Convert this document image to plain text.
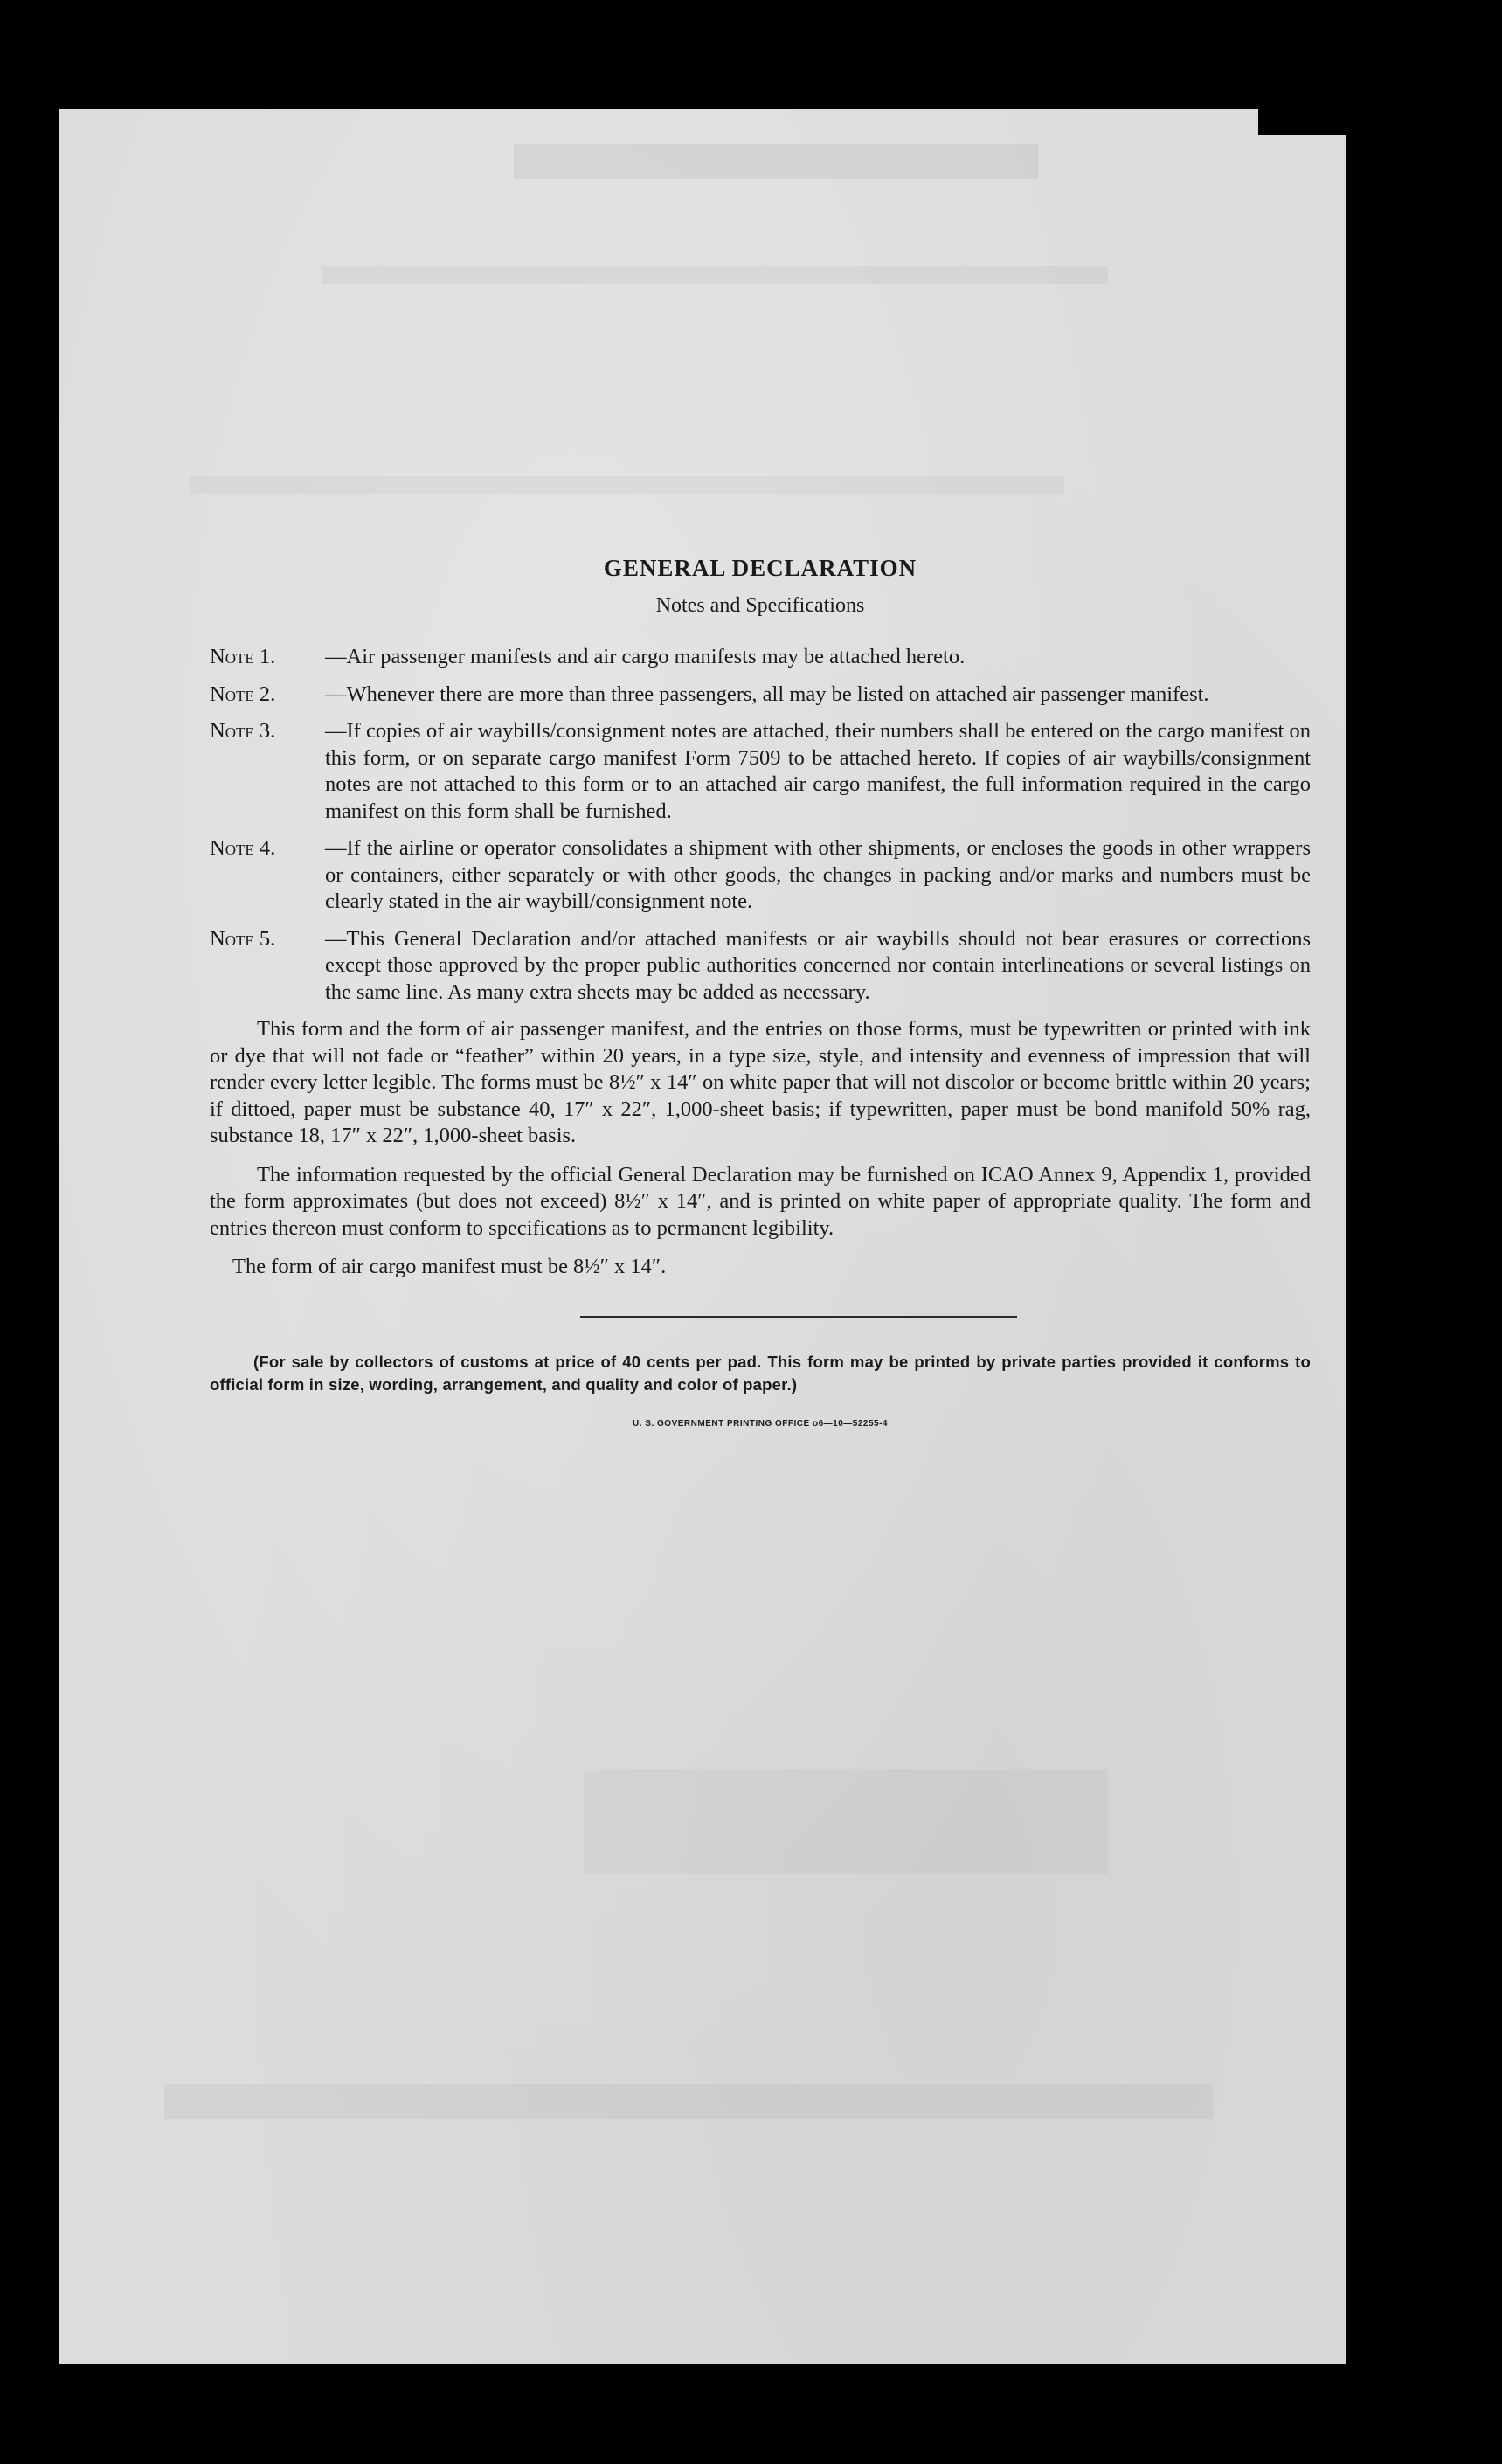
GENERAL DECLARATION
Notes and Specifications
Note 1.	—Air passenger manifests and air cargo manifests may be attached hereto.
Note 2. —Whenever there are more than three passengers, all may be listed on attached air passenger manifest.
Note 3. —If copies of air waybills/consignment notes are attached, their numbers shall be entered on the cargo manifest on this form, or on separate cargo manifest Form 7509 to be attached hereto. If copies of air waybills/consignment notes are not attached to this form or to an attached air cargo manifest, the full information required in the cargo manifest on this form shall be furnished.
Note 4. —If the airline or operator consolidates a shipment with other shipments, or encloses the goods in other wrappers or containers, either separately or with other goods, the changes in packing and/or marks and numbers must be clearly stated in the air waybill/consignment note.
Note 5. —This General Declaration and/or attached manifests or air waybills should not bear erasures or corrections except those approved by the proper public authorities concerned nor contain interlineations or several listings on the same line. As many extra sheets may be added as necessary.

This form and the form of air passenger manifest, and the entries on those forms, must be typewritten or printed with ink or dye that will not fade or “feather” within 20 years, in a type size, style, and intensity and evenness of impression that will render every letter legible. The forms must be 8½″ x 14″ on white paper that will not discolor or become brittle within 20 years; if dittoed, paper must be substance 40, 17″ x 22″, 1,000-sheet basis; if typewritten, paper must be bond manifold 50% rag, substance 18, 17″ x 22″, 1,000-sheet basis.

The information requested by the official General Declaration may be furnished on ICAO Annex 9, Appendix 1, provided the form approximates (but does not exceed) 8½″ x 14″, and is printed on white paper of appropriate quality. The form and entries thereon must conform to specifications as to permanent legibility.

The form of air cargo manifest must be 8½″ x 14″.

(For sale by collectors of customs at price of 40 cents per pad. This form may be printed by private parties provided it conforms to official form in size, wording, arrangement, and quality and color of paper.)

U. S. GOVERNMENT PRINTING OFFICE o6—10—52255-4
